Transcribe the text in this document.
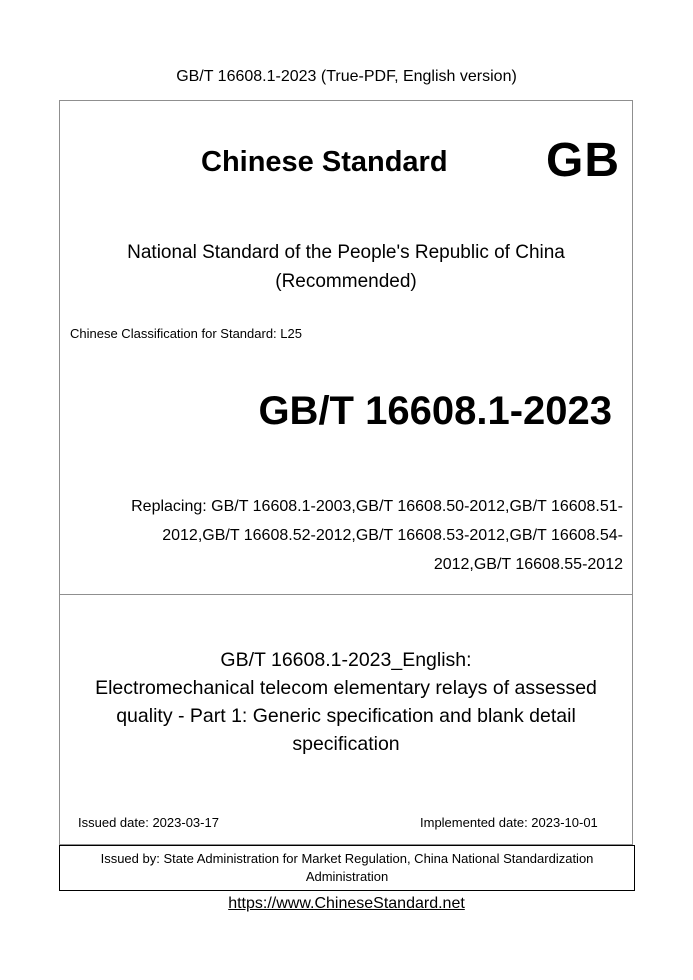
GB/T 16608.1-2023 (True-PDF, English version)
Chinese Standard GB
National Standard of the People's Republic of China
(Recommended)
Chinese Classification for Standard: L25
GB/T 16608.1-2023
Replacing: GB/T 16608.1-2003,GB/T 16608.50-2012,GB/T 16608.51-
2012,GB/T 16608.52-2012,GB/T 16608.53-2012,GB/T 16608.54-
2012,GB/T 16608.55-2012
GB/T 16608.1-2023_English:
Electromechanical telecom elementary relays of assessed
quality - Part 1: Generic specification and blank detail
specification
Issued date: 2023-03-17	Implemented date: 2023-10-01
Issued by: State Administration for Market Regulation, China National Standardization
Administration
https://www.ChineseStandard.net
